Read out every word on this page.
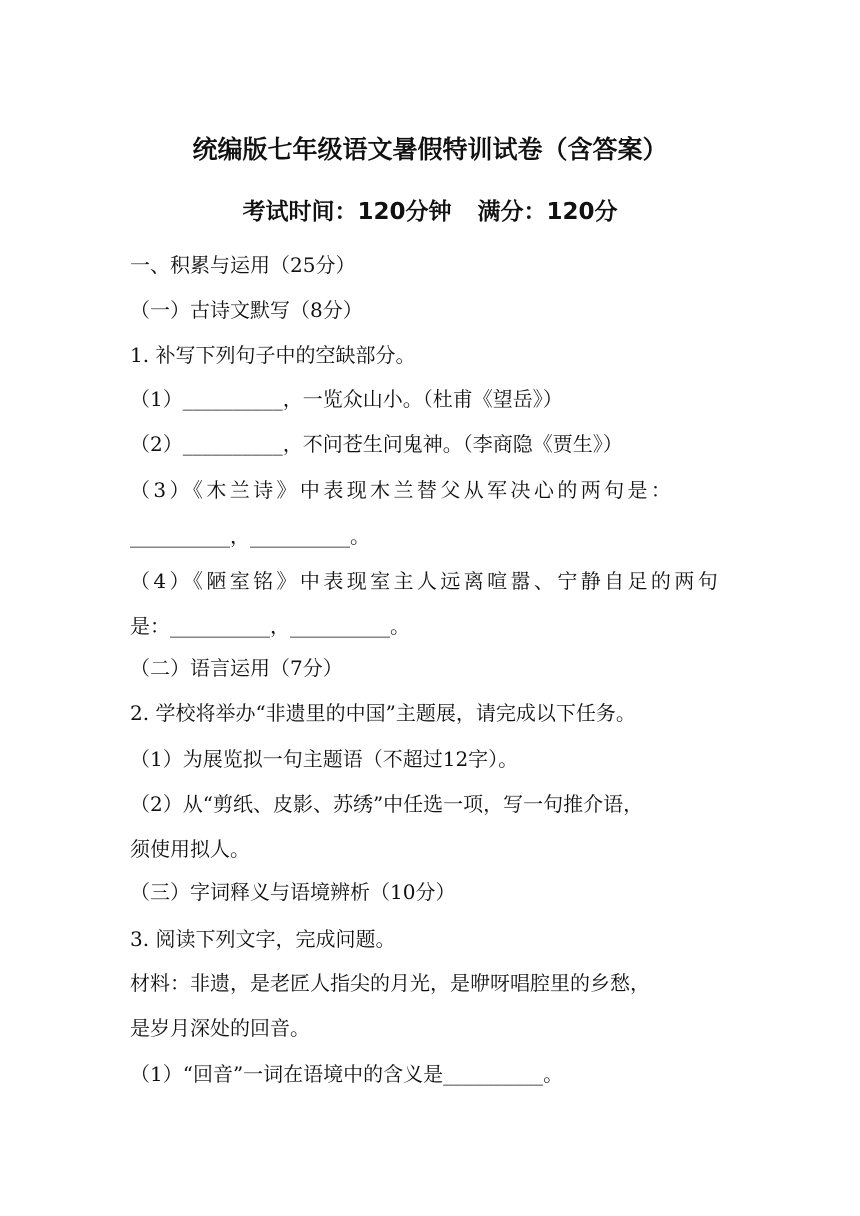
统编版七年级语文暑假特训试卷（含答案）
考试时间：120分钟 满分：120分
一、积累与运用（25分）
（一）古诗文默写（8分）
1. 补写下列句子中的空缺部分。
（1）__________，一览众山小。（杜甫《望岳》）
（2）__________，不问苍生问鬼神。（李商隐《贾生》）
（3）《木兰诗》中表现木兰替父从军决心的两句是：
__________，__________。
（4）《陋室铭》中表现室主人远离喧嚣、宁静自足的两句
是：__________，__________。
（二）语言运用（7分）
2. 学校将举办“非遗里的中国”主题展，请完成以下任务。
（1）为展览拟一句主题语（不超过12字）。
（2）从“剪纸、皮影、苏绣”中任选一项，写一句推介语，
须使用拟人。
（三）字词释义与语境辨析（10分）
3. 阅读下列文字，完成问题。
材料：非遗，是老匠人指尖的月光，是咿呀唱腔里的乡愁，
是岁月深处的回音。
（1）“回音”一词在语境中的含义是__________。
